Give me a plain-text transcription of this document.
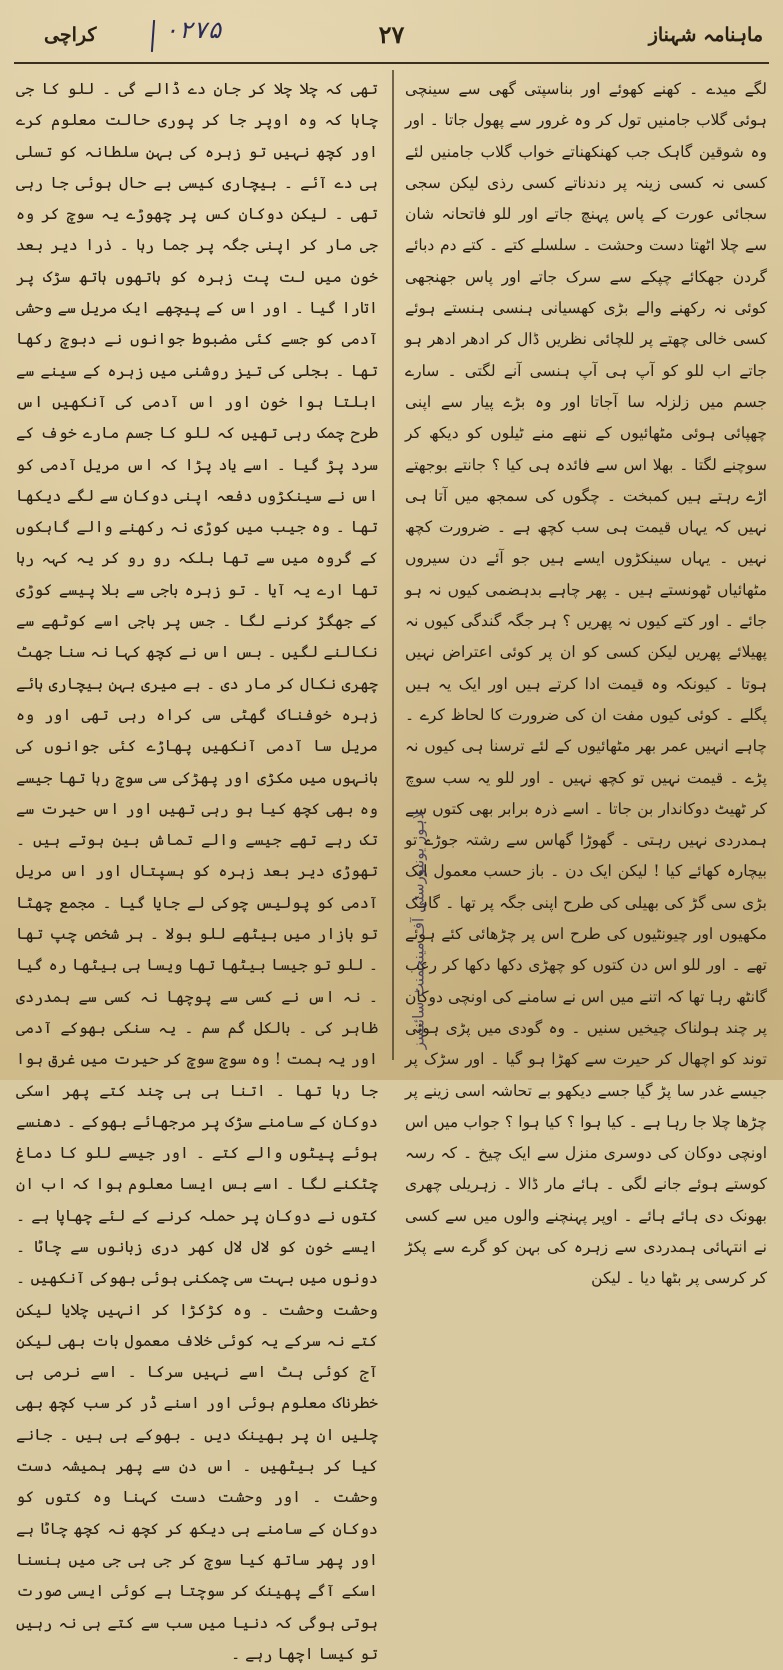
ماہنامہ شہناز
۲۷
۰۲۷۵
کراچی

لگے میدے ۔ کھنے کھوئے اور بناسپتی گھی سے سینچی ہوئی گلاب جامنیں تول کر وہ غرور سے پھول جاتا ۔ اور وہ شوقین گاہک جب کھنکھناتے خواب گلاب جامنیں لئے کسی نہ کسی زینہ پر دندناتے کسی رذی لیکن سجی سجائی عورت کے پاس پہنچ جاتے اور للو فاتحانہ شان سے چلا اٹھتا دست وحشت ۔ سلسلے کتے ۔ کتے دم دبائے گردن جھکائے چپکے سے سرک جاتے اور پاس جھنجھی کوئی نہ رکھنے والے بڑی کھسیانی ہنسی ہنستے ہوئے کسی خالی چھتے پر للچائی نظریں ڈال کر ادھر ادھر ہو جاتے اب للو کو آپ ہی آپ ہنسی آنے لگتی ۔ سارے جسم میں زلزلہ سا آجاتا اور وہ بڑے پیار سے اپنی چھپائی ہوئی مٹھائیوں کے ننھے منے ٹیلوں کو دیکھ کر سوچنے لگتا ۔ بھلا اس سے فائدہ ہی کیا ؟ جانتے بوجھتے اڑے رہتے ہیں کمبخت ۔ چگوں کی سمجھ میں آتا ہی نہیں کہ یہاں قیمت ہی سب کچھ ہے ۔ ضرورت کچھ نہیں ۔ یہاں سینکڑوں ایسے ہیں جو آئے دن سیروں مٹھائیاں ٹھونستے ہیں ۔ پھر چاہے بدہضمی کیوں نہ ہو جائے ۔ اور کتے کیوں نہ پھریں ؟ ہر جگہ گندگی کیوں نہ پھیلائے پھریں لیکن کسی کو ان پر کوئی اعتراض نہیں ہوتا ۔ کیونکہ وہ قیمت ادا کرتے ہیں اور ایک یہ ہیں پگلے ۔ کوئی کیوں مفت ان کی ضرورت کا لحاظ کرے ۔ چاہے انہیں عمر بھر مٹھائیوں کے لئے ترسنا ہی کیوں نہ پڑے ۔ قیمت نہیں تو کچھ نہیں ۔ اور للو یہ سب سوچ کر ٹھیٹ دوکاندار بن جاتا ۔ اسے ذرہ برابر بھی کتوں سے ہمدردی نہیں رہتی ۔ گھوڑا گھاس سے رشتہ جوڑے تو بیچارہ کھائے کیا ! لیکن ایک دن ۔ باز حسب معمول ایک بڑی سی گڑ کی بھیلی کی طرح اپنی جگہ پر تھا ۔ گاہک مکھیوں اور چیونٹیوں کی طرح اس پر چڑھائی کئے ہوئے تھے ۔ اور للو اس دن کتوں کو چھڑی دکھا دکھا کر رعب گانٹھ رہا تھا کہ اتنے میں اس نے سامنے کی اونچی دوکان پر چند ہولناک چیخیں سنیں ۔ وہ گودی میں پڑی ہوئی توند کو اچھال کر حیرت سے کھڑا ہو گیا ۔ اور سڑک پر جیسے غدر سا پڑ گیا جسے دیکھو بے تحاشہ اسی زینے پر چڑھا چلا جا رہا ہے ۔ کیا ہوا ؟ کیا ہوا ؟ جواب میں اس اونچی دوکان کی دوسری منزل سے ایک چیخ ۔ کہ رسہ کوستے ہوئے جانے لگی ۔ ہائے مار ڈالا ۔ زہریلی چھری بھونک دی ہائے ہائے ۔ اوپر پہنچنے والوں میں سے کسی نے انتہائی ہمدردی سے زہرہ کی بہن کو گرے سے پکڑ کر کرسی پر بٹھا دیا ۔ لیکن

تھی کہ چلا چلا کر جان دے ڈالے گی ۔ للو کا جی چاہا کہ وہ اوپر جا کر پوری حالت معلوم کرے اور کچھ نہیں تو زہرہ کی بہن سلطانہ کو تسلی ہی دے آئے ۔ بیچاری کیسی بے حال ہوئی جا رہی تھی ۔ لیکن دوکان کس پر چھوڑے یہ سوچ کر وہ جی مار کر اپنی جگہ پر جما رہا ۔ ذرا دیر بعد خون میں لت پت زہرہ کو ہاتھوں ہاتھ سڑک پر اتارا گیا ۔ اور اس کے پیچھے ایک مریل سے وحشی آدمی کو جسے کئی مضبوط جوانوں نے دبوچ رکھا تھا ۔ بجلی کی تیز روشنی میں زہرہ کے سینے سے ابلتا ہوا خون اور اس آدمی کی آنکھیں اس طرح چمک رہی تھیں کہ للو کا جسم مارے خوف کے سرد پڑ گیا ۔ اسے یاد پڑا کہ اس مریل آدمی کو اس نے سینکڑوں دفعہ اپنی دوکان سے لگے دیکھا تھا ۔ وہ جیب میں کوڑی نہ رکھنے والے گاہکوں کے گروہ میں سے تھا بلکہ رو رو کر یہ کہہ رہا تھا ارے یہ آیا ۔ تو زہرہ باجی سے بلا پیسے کوڑی کے جھگڑ کرنے لگا ۔ جس پر باجی اسے کوٹھے سے نکالنے لگیں ۔ بس اس نے کچھ کہا نہ سنا جھٹ چھری نکال کر مار دی ۔ ہے میری بہن بیچاری ہائے زہرہ خوفناک گھٹی سی کراہ رہی تھی اور وہ مریل سا آدمی آنکھیں پھاڑے کئی جوانوں کی بانہوں میں مکڑی اور پھڑکی سی سوچ رہا تھا جیسے وہ بھی کچھ کیا ہو رہی تھیں اور اس حیرت سے تک رہے تھے جیسے والے تماش بین ہوتے ہیں ۔ تھوڑی دیر بعد زہرہ کو ہسپتال اور اس مریل آدمی کو پولیس چوکی لے جایا گیا ۔ مجمع چھٹا تو بازار میں بیٹھے للو بولا ۔ ہر شخص چپ تھا ۔ للو تو جیسا بیٹھا تھا ویسا ہی بیٹھا رہ گیا ۔ نہ اس نے کسی سے پوچھا نہ کسی سے ہمدردی ظاہر کی ۔ بالکل گم سم ۔ یہ سنکی بھوکے آدمی اور یہ ہمت ! وہ سوچ سوچ کر حیرت میں غرق ہوا جا رہا تھا ۔ اتنا ہی ہی چند کتے پھر اسکی دوکان کے سامنے سڑک پر مرجھائے بھوکے ۔ دھنسے ہوئے پیٹوں والے کتے ۔ اور جیسے للو کا دماغ چٹکنے لگا ۔ اسے بس ایسا معلوم ہوا کہ اب ان کتوں نے دوکان پر حملہ کرنے کے لئے چھاپا ہے ۔ ایسے خون کو لال لال کھر دری زبانوں سے چاٹا ۔ دونوں میں بہت سی چمکنی ہوئی بھوکی آنکھیں ۔ وحشت وحشت ۔ وہ کڑکڑا کر انہیں چلایا لیکن کتے نہ سرکے یہ کوئی خلاف معمول بات بھی لیکن آج کوئی ہٹ اسے نہیں سرکا ۔ اسے نرمی ہی خطرناک معلوم ہوئی اور اسنے ڈر کر سب کچھ بھی چلیں ان پر بھینک دیں ۔ بھوکے ہی ہیں ۔ جانے کیا کر بیٹھیں ۔ اس دن سے پھر ہمیشہ دست وحشت ۔ اور وحشت دست کہنا وہ کتوں کو دوکان کے سامنے ہی دیکھ کر کچھ نہ کچھ چاٹا ہے اور پھر ساتھ کیا سوچ کر جی ہی جی میں ہنسنا اسکے آگے پھینک کر سوچتا ہے کوئی ایسی صورت ہوتی ہوگی کہ دنیا میں سب سے کتے ہی نہ رہیں تو کیسا اچھا رہے ۔

لاہور یونیورسٹی آف مینجمنٹ سائنسز
